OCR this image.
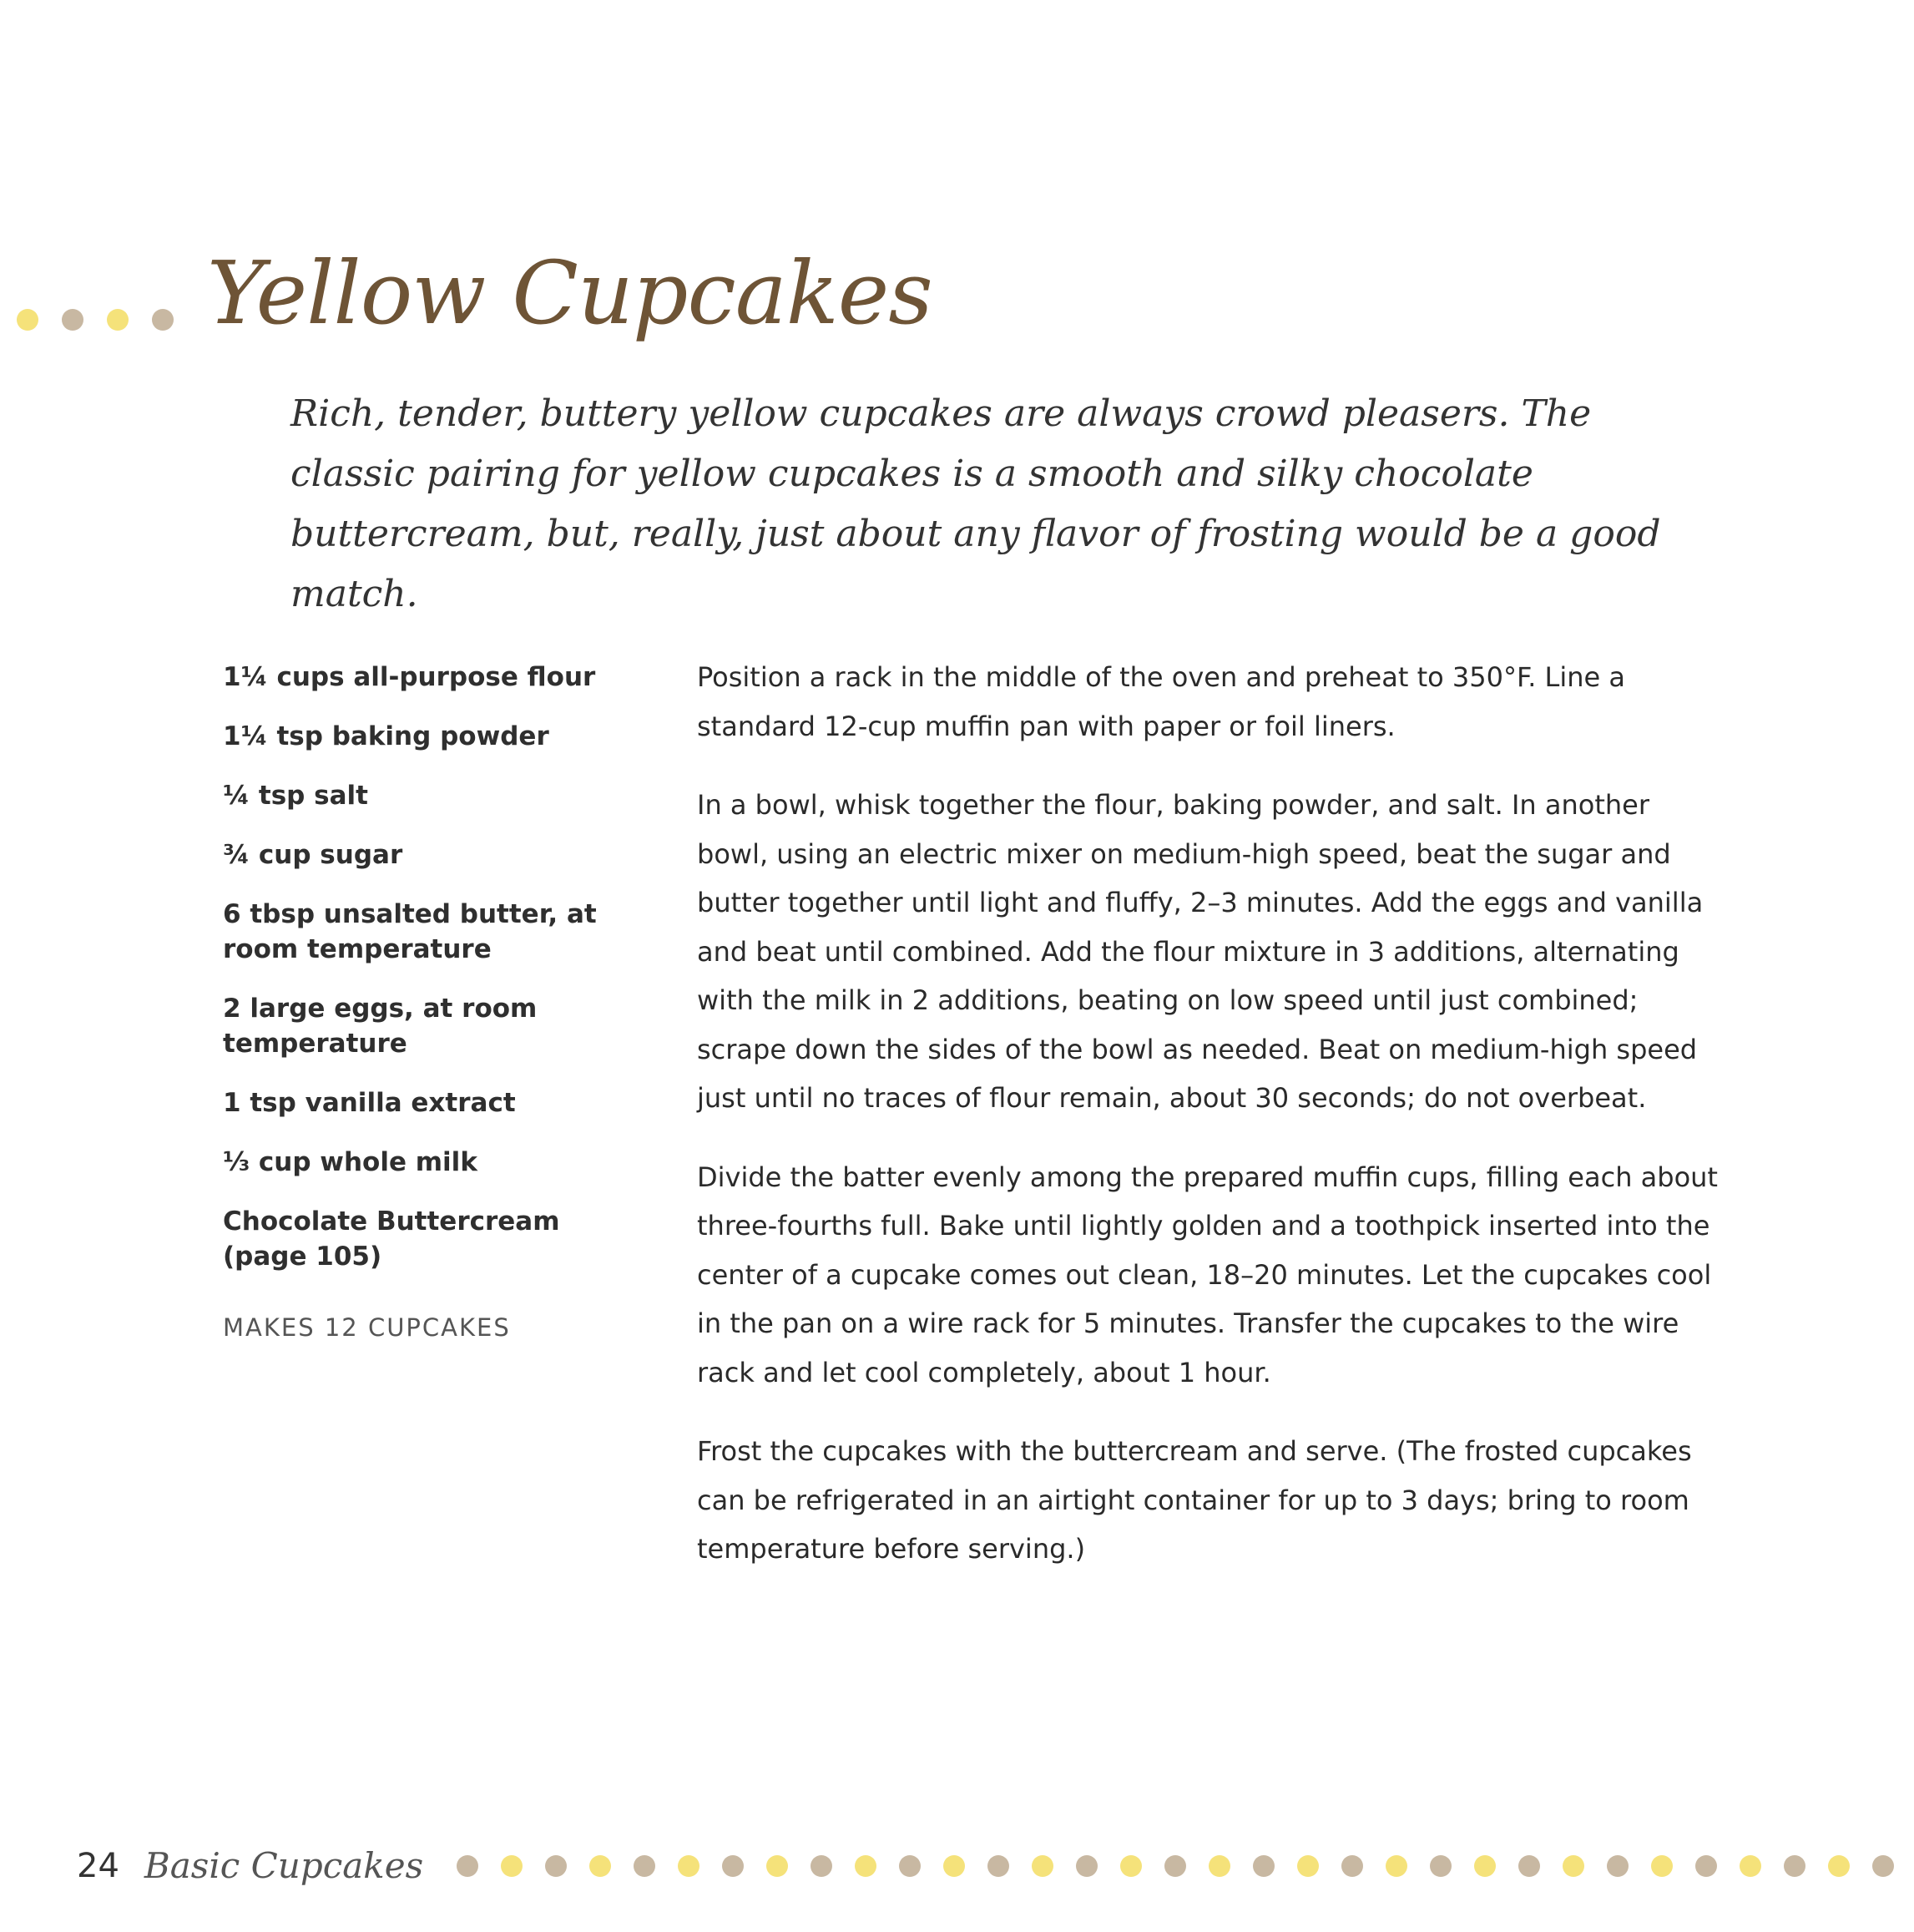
Yellow Cupcakes

Rich, tender, buttery yellow cupcakes are always crowd pleasers. The classic pairing for yellow cupcakes is a smooth and silky chocolate buttercream, but, really, just about any flavor of frosting would be a good match.

1¼ cups all-purpose flour
1¼ tsp baking powder
¼ tsp salt
¾ cup sugar
6 tbsp unsalted butter, at room temperature
2 large eggs, at room temperature
1 tsp vanilla extract
⅓ cup whole milk
Chocolate Buttercream (page 105)
MAKES 12 CUPCAKES

Position a rack in the middle of the oven and preheat to 350°F. Line a standard 12-cup muffin pan with paper or foil liners.

In a bowl, whisk together the flour, baking powder, and salt. In another bowl, using an electric mixer on medium-high speed, beat the sugar and butter together until light and fluffy, 2–3 minutes. Add the eggs and vanilla and beat until combined. Add the flour mixture in 3 additions, alternating with the milk in 2 additions, beating on low speed until just combined; scrape down the sides of the bowl as needed. Beat on medium-high speed just until no traces of flour remain, about 30 seconds; do not overbeat.

Divide the batter evenly among the prepared muffin cups, filling each about three-fourths full. Bake until lightly golden and a toothpick inserted into the center of a cupcake comes out clean, 18–20 minutes. Let the cupcakes cool in the pan on a wire rack for 5 minutes. Transfer the cupcakes to the wire rack and let cool completely, about 1 hour.

Frost the cupcakes with the buttercream and serve. (The frosted cupcakes can be refrigerated in an airtight container for up to 3 days; bring to room temperature before serving.)

24 Basic Cupcakes
